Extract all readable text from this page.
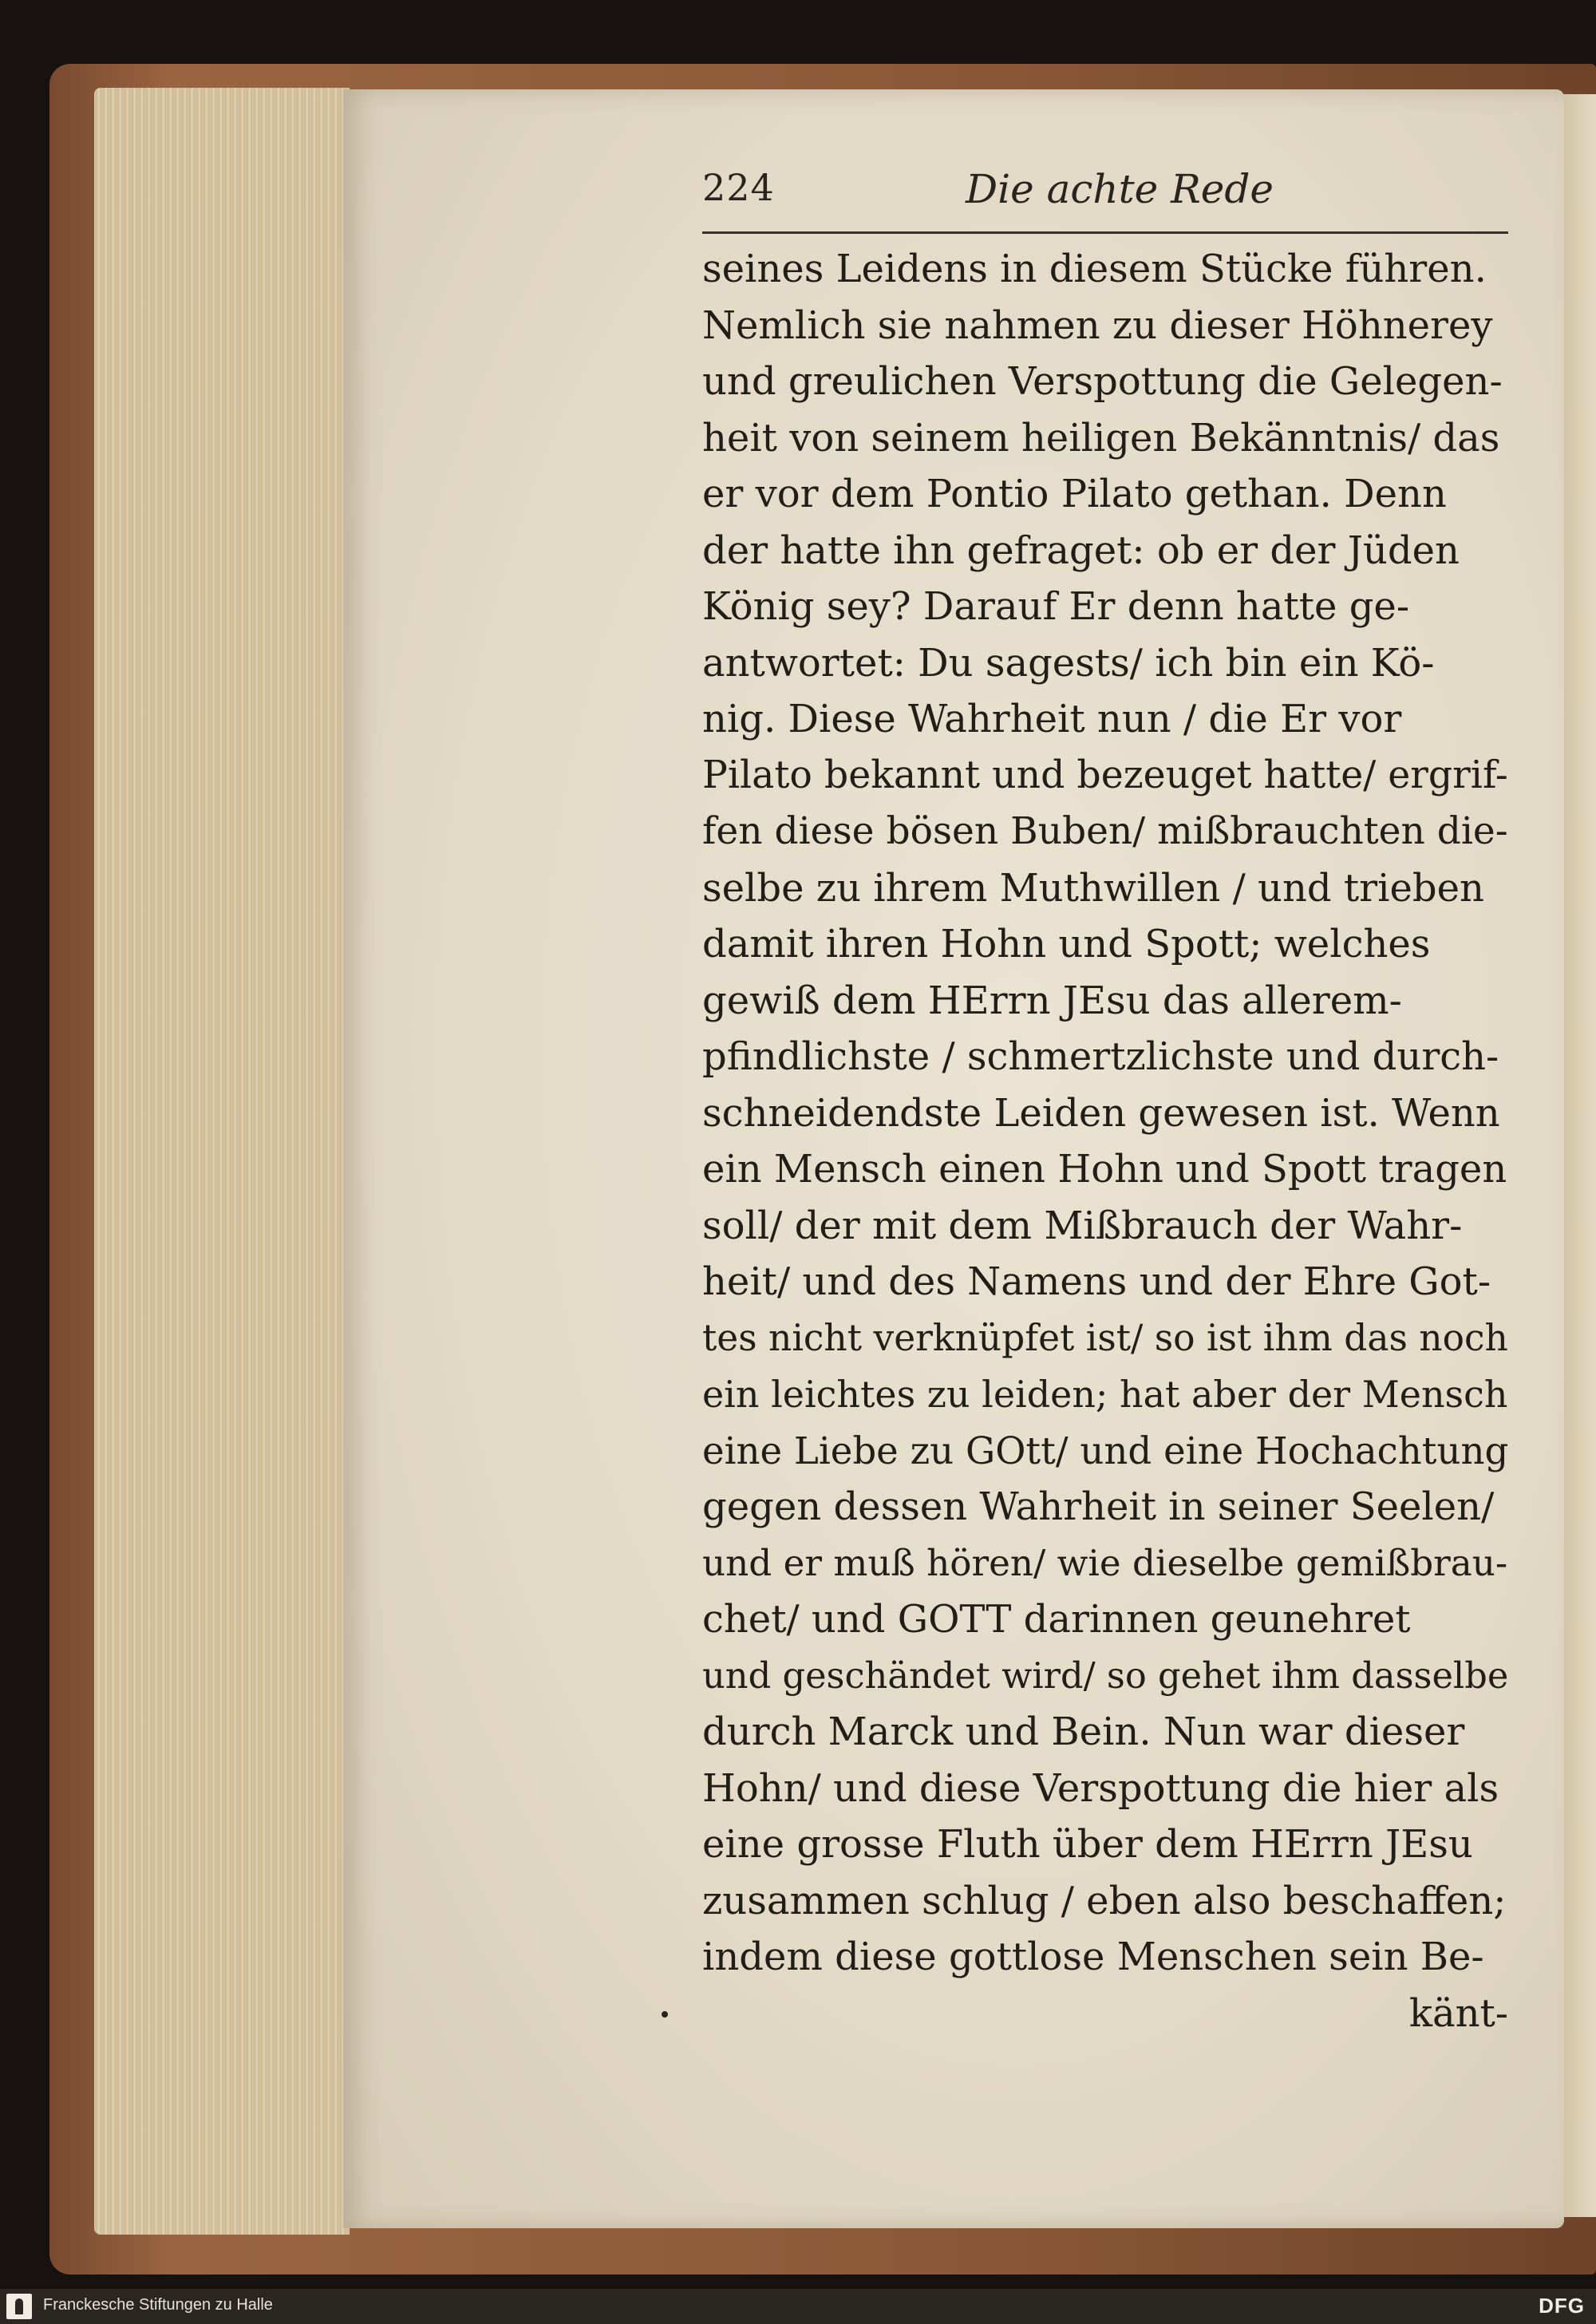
224	Die achte Rede
seines Leidens in diesem Stücke führen.
Nemlich sie nahmen zu dieser Höhnerey
und greulichen Verspottung die Gelegen-
heit von seinem heiligen Bekänntnis/ das
er vor dem Pontio Pilato gethan. Denn
der hatte ihn gefraget: ob er der Jüden
König sey? Darauf Er denn hatte ge-
antwortet: Du sagests/ ich bin ein Kö-
nig. Diese Wahrheit nun / die Er vor
Pilato bekannt und bezeuget hatte/ ergrif-
fen diese bösen Buben/ mißbrauchten die-
selbe zu ihrem Muthwillen / und trieben
damit ihren Hohn und Spott; welches
gewiß dem HErrn JEsu das allerem-
pfindlichste / schmertzlichste und durch-
schneidendste Leiden gewesen ist. Wenn
ein Mensch einen Hohn und Spott tragen
soll/ der mit dem Mißbrauch der Wahr-
heit/ und des Namens und der Ehre Got-
tes nicht verknüpfet ist/ so ist ihm das noch
ein leichtes zu leiden; hat aber der Mensch
eine Liebe zu GOtt/ und eine Hochachtung
gegen dessen Wahrheit in seiner Seelen/
und er muß hören/ wie dieselbe gemißbrau-
chet/ und GOTT darinnen geunehret
und geschändet wird/ so gehet ihm dasselbe
durch Marck und Bein. Nun war dieser
Hohn/ und diese Verspottung die hier als
eine grosse Fluth über dem HErrn JEsu
zusammen schlug / eben also beschaffen;
indem diese gottlose Menschen sein Be-
känt-
Franckesche Stiftungen zu Halle	DFG
